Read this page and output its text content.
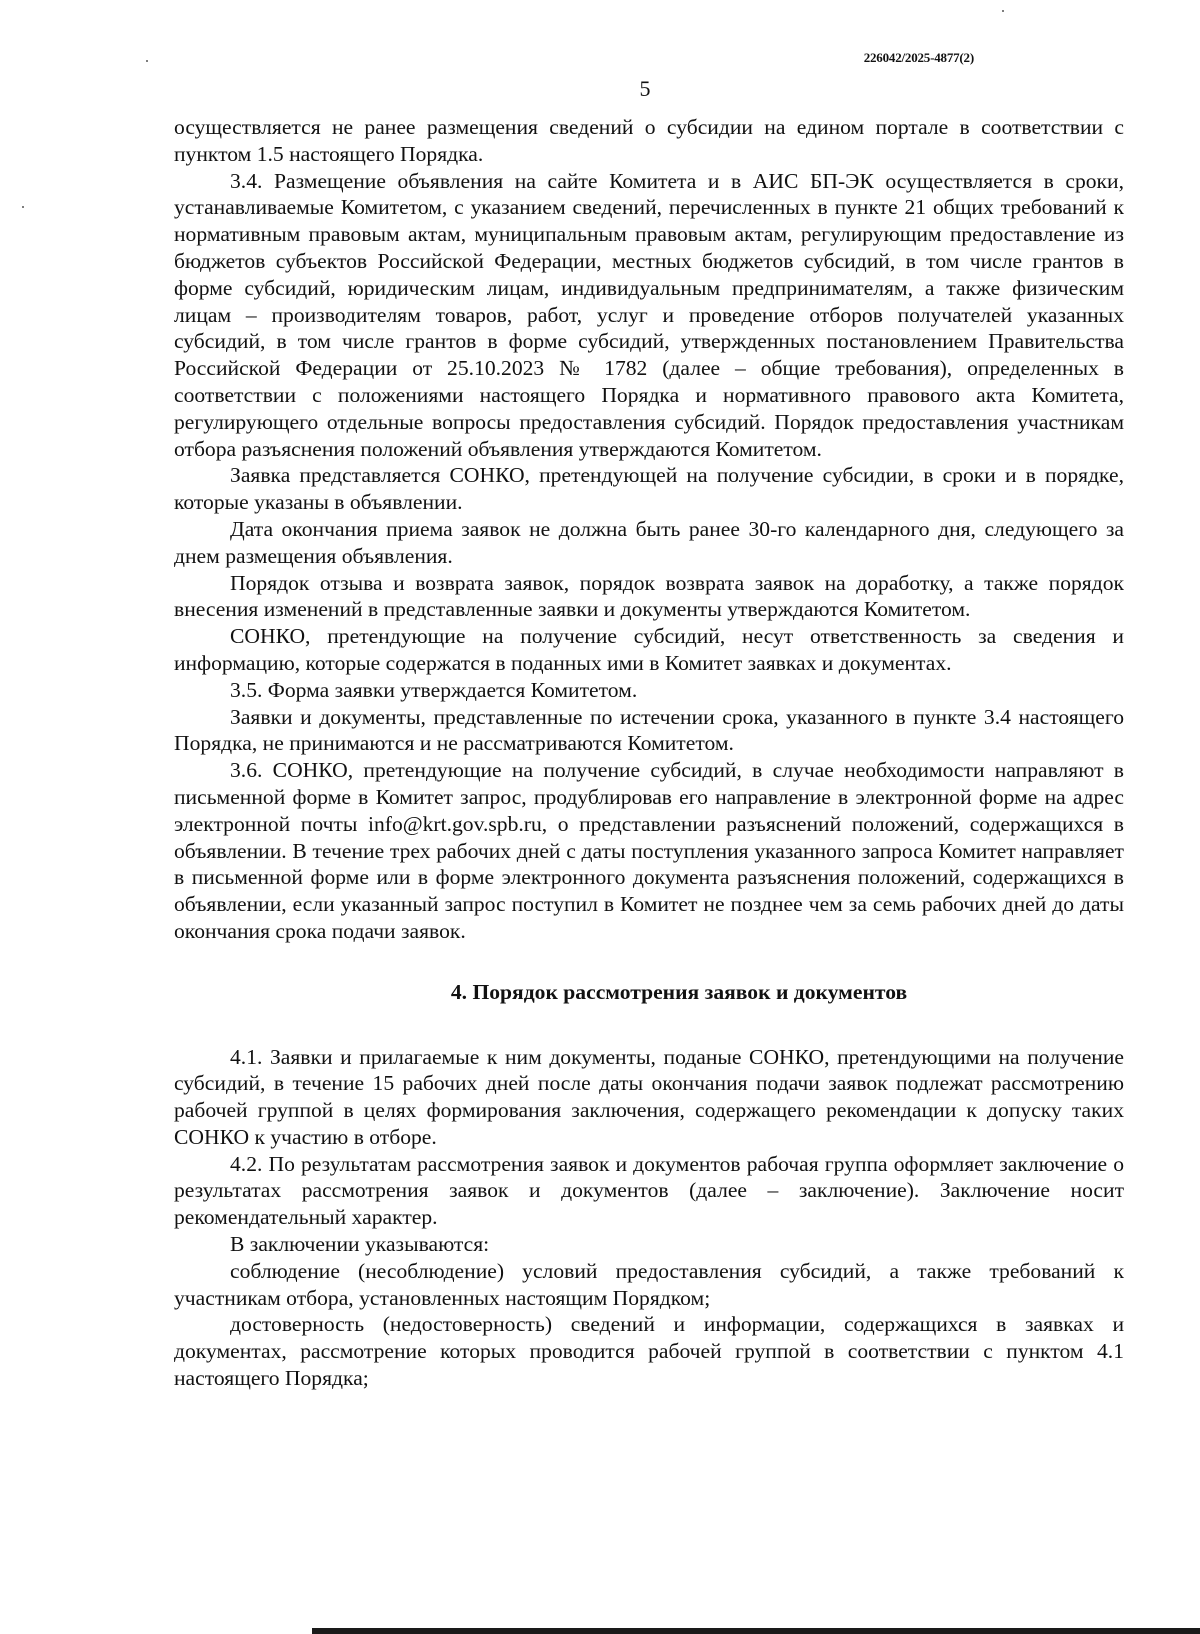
226042/2025-4877(2)
5

осуществляется не ранее размещения сведений о субсидии на едином портале в соответствии с пунктом 1.5 настоящего Порядка.

3.4. Размещение объявления на сайте Комитета и в АИС БП-ЭК осуществляется в сроки, устанавливаемые Комитетом, с указанием сведений, перечисленных в пункте 21 общих требований к нормативным правовым актам, муниципальным правовым актам, регулирующим предоставление из бюджетов субъектов Российской Федерации, местных бюджетов субсидий, в том числе грантов в форме субсидий, юридическим лицам, индивидуальным предпринимателям, а также физическим лицам – производителям товаров, работ, услуг и проведение отборов получателей указанных субсидий, в том числе грантов в форме субсидий, утвержденных постановлением Правительства Российской Федерации от 25.10.2023 № 1782 (далее – общие требования), определенных в соответствии с положениями настоящего Порядка и нормативного правового акта Комитета, регулирующего отдельные вопросы предоставления субсидий. Порядок предоставления участникам отбора разъяснения положений объявления утверждаются Комитетом.

Заявка представляется СОНКО, претендующей на получение субсидии, в сроки и в порядке, которые указаны в объявлении.

Дата окончания приема заявок не должна быть ранее 30-го календарного дня, следующего за днем размещения объявления.

Порядок отзыва и возврата заявок, порядок возврата заявок на доработку, а также порядок внесения изменений в представленные заявки и документы утверждаются Комитетом.

СОНКО, претендующие на получение субсидий, несут ответственность за сведения и информацию, которые содержатся в поданных ими в Комитет заявках и документах.

3.5. Форма заявки утверждается Комитетом.

Заявки и документы, представленные по истечении срока, указанного в пункте 3.4 настоящего Порядка, не принимаются и не рассматриваются Комитетом.

3.6. СОНКО, претендующие на получение субсидий, в случае необходимости направляют в письменной форме в Комитет запрос, продублировав его направление в электронной форме на адрес электронной почты info@krt.gov.spb.ru, о представлении разъяснений положений, содержащихся в объявлении. В течение трех рабочих дней с даты поступления указанного запроса Комитет направляет в письменной форме или в форме электронного документа разъяснения положений, содержащихся в объявлении, если указанный запрос поступил в Комитет не позднее чем за семь рабочих дней до даты окончания срока подачи заявок.

4. Порядок рассмотрения заявок и документов

4.1. Заявки и прилагаемые к ним документы, поданые СОНКО, претендующими на получение субсидий, в течение 15 рабочих дней после даты окончания подачи заявок подлежат рассмотрению рабочей группой в целях формирования заключения, содержащего рекомендации к допуску таких СОНКО к участию в отборе.

4.2. По результатам рассмотрения заявок и документов рабочая группа оформляет заключение о результатах рассмотрения заявок и документов (далее – заключение). Заключение носит рекомендательный характер.

В заключении указываются:

соблюдение (несоблюдение) условий предоставления субсидий, а также требований к участникам отбора, установленных настоящим Порядком;

достоверность (недостоверность) сведений и информации, содержащихся в заявках и документах, рассмотрение которых проводится рабочей группой в соответствии с пунктом 4.1 настоящего Порядка;
